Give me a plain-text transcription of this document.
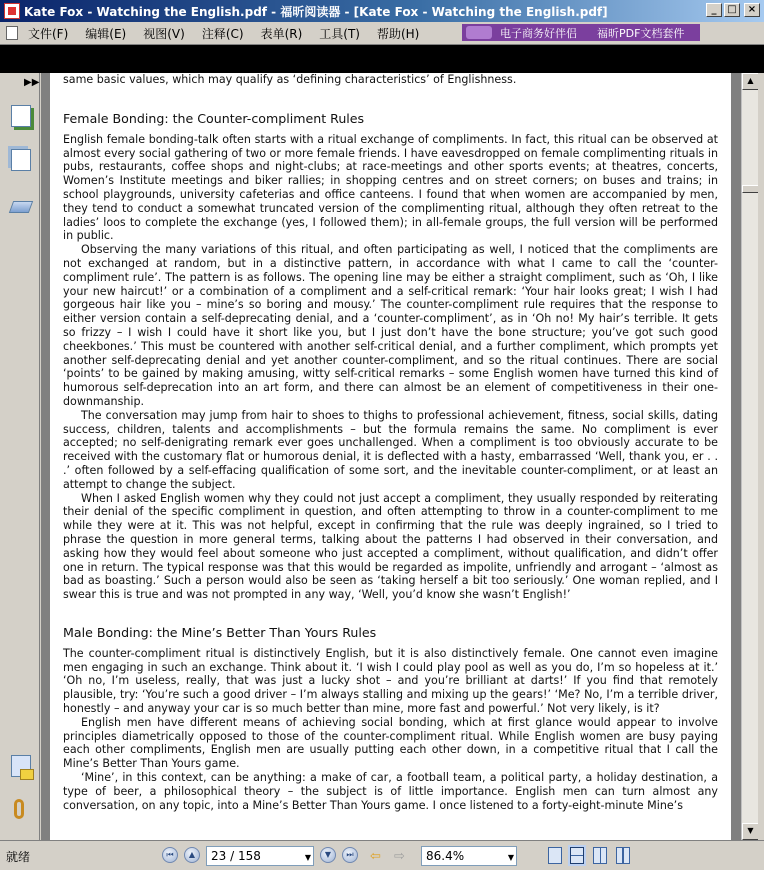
Kate Fox - Watching the English.pdf - 福昕阅读器 - [Kate Fox - Watching the English.pdf]	_	□	×
文件(F) 编辑(E) 视图(V) 注释(C) 表单(R) 工具(T) 帮助(H)	电子商务好伴侣 福昕PDF文档套件
▶▶ same basic values, which may qualify as ‘defining characteristics’ of Englishness.

Female Bonding: the Counter-compliment Rules

English female bonding-talk often starts with a ritual exchange of compliments. In fact, this ritual can be observed at almost every social gathering of two or more female friends. I have eavesdropped on female complimenting rituals in pubs, restaurants, coffee shops and night-clubs; at race-meetings and other sports events; at theatres, concerts, Women’s Institute meetings and biker rallies; in shopping centres and on street corners; on buses and trains; in school playgrounds, university cafeterias and office canteens. I found that when women are accompanied by men, they tend to conduct a somewhat truncated version of the complimenting ritual, although they often retreat to the ladies’ loos to complete the exchange (yes, I followed them); in all-female groups, the full version will be performed in public.

Observing the many variations of this ritual, and often participating as well, I noticed that the compliments are not exchanged at random, but in a distinctive pattern, in accordance with what I came to call the ‘counter-compliment rule’. The pattern is as follows. The opening line may be either a straight compliment, such as ‘Oh, I like your new haircut!’ or a combination of a compliment and a self-critical remark: ‘Your hair looks great; I wish I had gorgeous hair like you – mine’s so boring and mousy.’ The counter-compliment rule requires that the response to either version contain a self-deprecating denial, and a ‘counter-compliment’, as in ‘Oh no! My hair’s terrible. It gets so frizzy – I wish I could have it short like you, but I just don’t have the bone structure; you’ve got such good cheekbones.’ This must be countered with another self-critical denial, and a further compliment, which prompts yet another self-deprecating denial and yet another counter-compliment, and so the ritual continues. There are social ‘points’ to be gained by making amusing, witty self-critical remarks – some English women have turned this kind of humorous self-deprecation into an art form, and there can almost be an element of competitiveness in their one-downmanship.

The conversation may jump from hair to shoes to thighs to professional achievement, fitness, social skills, dating success, children, talents and accomplishments – but the formula remains the same. No compliment is ever accepted; no self-denigrating remark ever goes unchallenged. When a compliment is too obviously accurate to be received with the customary flat or humorous denial, it is deflected with a hasty, embarrassed ‘Well, thank you, er . . .’ often followed by a self-effacing qualification of some sort, and the inevitable counter-compliment, or at least an attempt to change the subject.

When I asked English women why they could not just accept a compliment, they usually responded by reiterating their denial of the specific compliment in question, and often attempting to throw in a counter-compliment to me while they were at it. This was not helpful, except in confirming that the rule was deeply ingrained, so I tried to phrase the question in more general terms, talking about the patterns I had observed in their conversation, and asking how they would feel about someone who just accepted a compliment, without qualification, and didn’t offer one in return. The typical response was that this would be regarded as impolite, unfriendly and arrogant – ‘almost as bad as boasting.’ Such a person would also be seen as ‘taking herself a bit too seriously.’ One woman replied, and I swear this is true and was not prompted in any way, ‘Well, you’d know she wasn’t English!’

Male Bonding: the Mine’s Better Than Yours Rules

The counter-compliment ritual is distinctively English, but it is also distinctively female. One cannot even imagine men engaging in such an exchange. Think about it. ‘I wish I could play pool as well as you do, I’m so hopeless at it.’ ‘Oh no, I’m useless, really, that was just a lucky shot – and you’re brilliant at darts!’ If you find that remotely plausible, try: ‘You’re such a good driver – I’m always stalling and mixing up the gears!’ ‘Me? No, I’m a terrible driver, honestly – and anyway your car is so much better than mine, more fast and powerful.’ Not very likely, is it?

English men have different means of achieving social bonding, which at first glance would appear to involve principles diametrically opposed to those of the counter-compliment ritual. While English women are busy paying each other compliments, English men are usually putting each other down, in a competitive ritual that I call the Mine’s Better Than Yours game.

‘Mine’, in this context, can be anything: a make of car, a football team, a political party, a holiday destination, a type of beer, a philosophical theory – the subject is of little importance. English men can turn almost any conversation, on any topic, into a Mine’s Better Than Yours game. I once listened to a forty-eight-minute Mine’s

▲
▼
就绪	⏮	▲	23 / 158	▼	▼	⏭	⇦ ⇨	86.4%	▼
